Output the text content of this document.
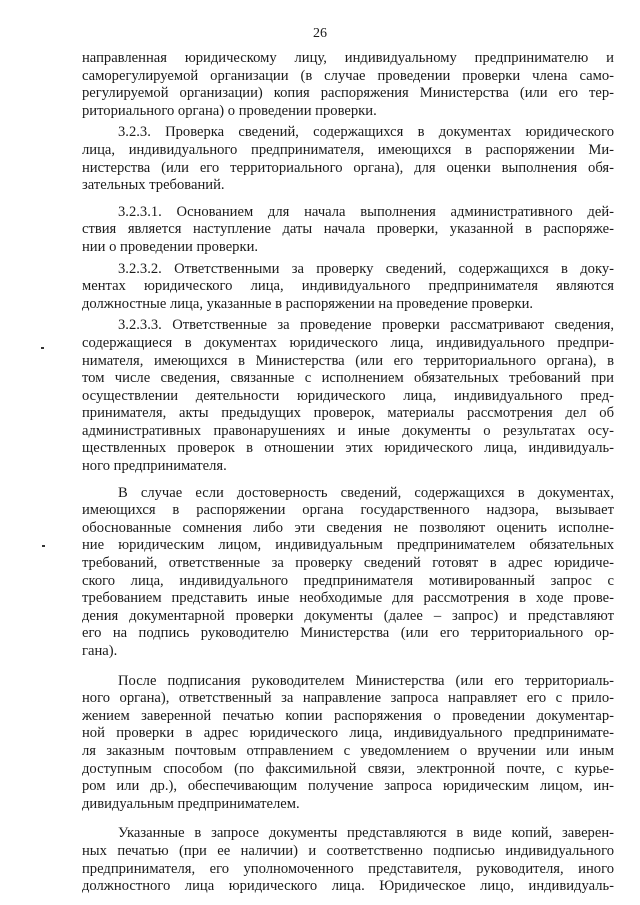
26
направленная юридическому лицу, индивидуальному предпринимателю и
саморегулируемой организации (в случае проведении проверки члена само-
регулируемой организации) копия распоряжения Министерства (или его тер-
риториального органа) о проведении проверки.
3.2.3. Проверка сведений, содержащихся в документах юридического
лица, индивидуального предпринимателя, имеющихся в распоряжении Ми-
нистерства (или его территориального органа), для оценки выполнения обя-
зательных требований.
3.2.3.1. Основанием для начала выполнения административного дей-
ствия является наступление даты начала проверки, указанной в распоряже-
нии о проведении проверки.
3.2.3.2. Ответственными за проверку сведений, содержащихся в доку-
ментах юридического лица, индивидуального предпринимателя являются
должностные лица, указанные в распоряжении на проведение проверки.
3.2.3.3. Ответственные за проведение проверки рассматривают сведения,
содержащиеся в документах юридического лица, индивидуального предпри-
нимателя, имеющихся в Министерства (или его территориального органа), в
том числе сведения, связанные с исполнением обязательных требований при
осуществлении деятельности юридического лица, индивидуального пред-
принимателя, акты предыдущих проверок, материалы рассмотрения дел об
административных правонарушениях и иные документы о результатах осу-
ществленных проверок в отношении этих юридического лица, индивидуаль-
ного предпринимателя.
В случае если достоверность сведений, содержащихся в документах,
имеющихся в распоряжении органа государственного надзора, вызывает
обоснованные сомнения либо эти сведения не позволяют оценить исполне-
ние юридическим лицом, индивидуальным предпринимателем обязательных
требований, ответственные за проверку сведений готовят в адрес юридиче-
ского лица, индивидуального предпринимателя мотивированный запрос с
требованием представить иные необходимые для рассмотрения в ходе прове-
дения документарной проверки документы (далее – запрос) и представляют
его на подпись руководителю Министерства (или его территориального ор-
гана).
После подписания руководителем Министерства (или его территориаль-
ного органа), ответственный за направление запроса направляет его с прило-
жением заверенной печатью копии распоряжения о проведении документар-
ной проверки в адрес юридического лица, индивидуального предпринимате-
ля заказным почтовым отправлением с уведомлением о вручении или иным
доступным способом (по факсимильной связи, электронной почте, с курье-
ром или др.), обеспечивающим получение запроса юридическим лицом, ин-
дивидуальным предпринимателем.
Указанные в запросе документы представляются в виде копий, заверен-
ных печатью (при ее наличии) и соответственно подписью индивидуального
предпринимателя, его уполномоченного представителя, руководителя, иного
должностного лица юридического лица. Юридическое лицо, индивидуаль-
